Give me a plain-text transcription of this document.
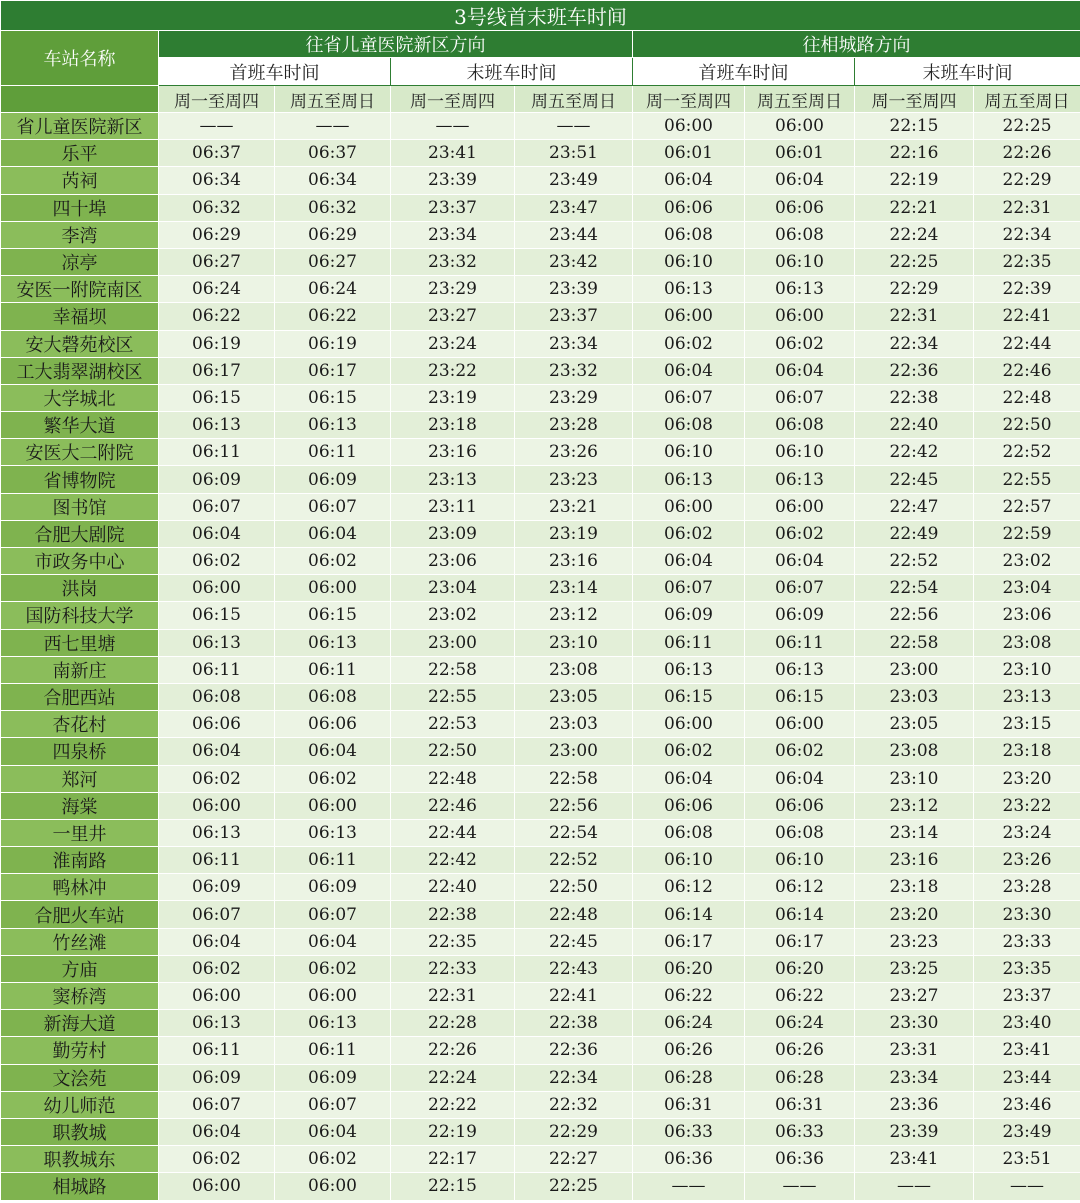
3号线首末班车时间								
车站名称	往省儿童医院新区方向				往相城路方向			
	首班车时间		末班车时间		首班车时间		末班车时间	
	周一至周四	周五至周日	周一至周四	周五至周日	周一至周四	周五至周日	周一至周四	周五至周日
省儿童医院新区	——	——	——	——	06:00	06:00	22:15	22:25
乐平	06:37	06:37	23:41	23:51	06:01	06:01	22:16	22:26
芮祠	06:34	06:34	23:39	23:49	06:04	06:04	22:19	22:29
四十埠	06:32	06:32	23:37	23:47	06:06	06:06	22:21	22:31
李湾	06:29	06:29	23:34	23:44	06:08	06:08	22:24	22:34
凉亭	06:27	06:27	23:32	23:42	06:10	06:10	22:25	22:35
安医一附院南区	06:24	06:24	23:29	23:39	06:13	06:13	22:29	22:39
幸福坝	06:22	06:22	23:27	23:37	06:00	06:00	22:31	22:41
安大磬苑校区	06:19	06:19	23:24	23:34	06:02	06:02	22:34	22:44
工大翡翠湖校区	06:17	06:17	23:22	23:32	06:04	06:04	22:36	22:46
大学城北	06:15	06:15	23:19	23:29	06:07	06:07	22:38	22:48
繁华大道	06:13	06:13	23:18	23:28	06:08	06:08	22:40	22:50
安医大二附院	06:11	06:11	23:16	23:26	06:10	06:10	22:42	22:52
省博物院	06:09	06:09	23:13	23:23	06:13	06:13	22:45	22:55
图书馆	06:07	06:07	23:11	23:21	06:00	06:00	22:47	22:57
合肥大剧院	06:04	06:04	23:09	23:19	06:02	06:02	22:49	22:59
市政务中心	06:02	06:02	23:06	23:16	06:04	06:04	22:52	23:02
洪岗	06:00	06:00	23:04	23:14	06:07	06:07	22:54	23:04
国防科技大学	06:15	06:15	23:02	23:12	06:09	06:09	22:56	23:06
西七里塘	06:13	06:13	23:00	23:10	06:11	06:11	22:58	23:08
南新庄	06:11	06:11	22:58	23:08	06:13	06:13	23:00	23:10
合肥西站	06:08	06:08	22:55	23:05	06:15	06:15	23:03	23:13
杏花村	06:06	06:06	22:53	23:03	06:00	06:00	23:05	23:15
四泉桥	06:04	06:04	22:50	23:00	06:02	06:02	23:08	23:18
郑河	06:02	06:02	22:48	22:58	06:04	06:04	23:10	23:20
海棠	06:00	06:00	22:46	22:56	06:06	06:06	23:12	23:22
一里井	06:13	06:13	22:44	22:54	06:08	06:08	23:14	23:24
淮南路	06:11	06:11	22:42	22:52	06:10	06:10	23:16	23:26
鸭林冲	06:09	06:09	22:40	22:50	06:12	06:12	23:18	23:28
合肥火车站	06:07	06:07	22:38	22:48	06:14	06:14	23:20	23:30
竹丝滩	06:04	06:04	22:35	22:45	06:17	06:17	23:23	23:33
方庙	06:02	06:02	22:33	22:43	06:20	06:20	23:25	23:35
窦桥湾	06:00	06:00	22:31	22:41	06:22	06:22	23:27	23:37
新海大道	06:13	06:13	22:28	22:38	06:24	06:24	23:30	23:40
勤劳村	06:11	06:11	22:26	22:36	06:26	06:26	23:31	23:41
文浍苑	06:09	06:09	22:24	22:34	06:28	06:28	23:34	23:44
幼儿师范	06:07	06:07	22:22	22:32	06:31	06:31	23:36	23:46
职教城	06:04	06:04	22:19	22:29	06:33	06:33	23:39	23:49
职教城东	06:02	06:02	22:17	22:27	06:36	06:36	23:41	23:51
相城路	06:00	06:00	22:15	22:25	——	——	——	——
